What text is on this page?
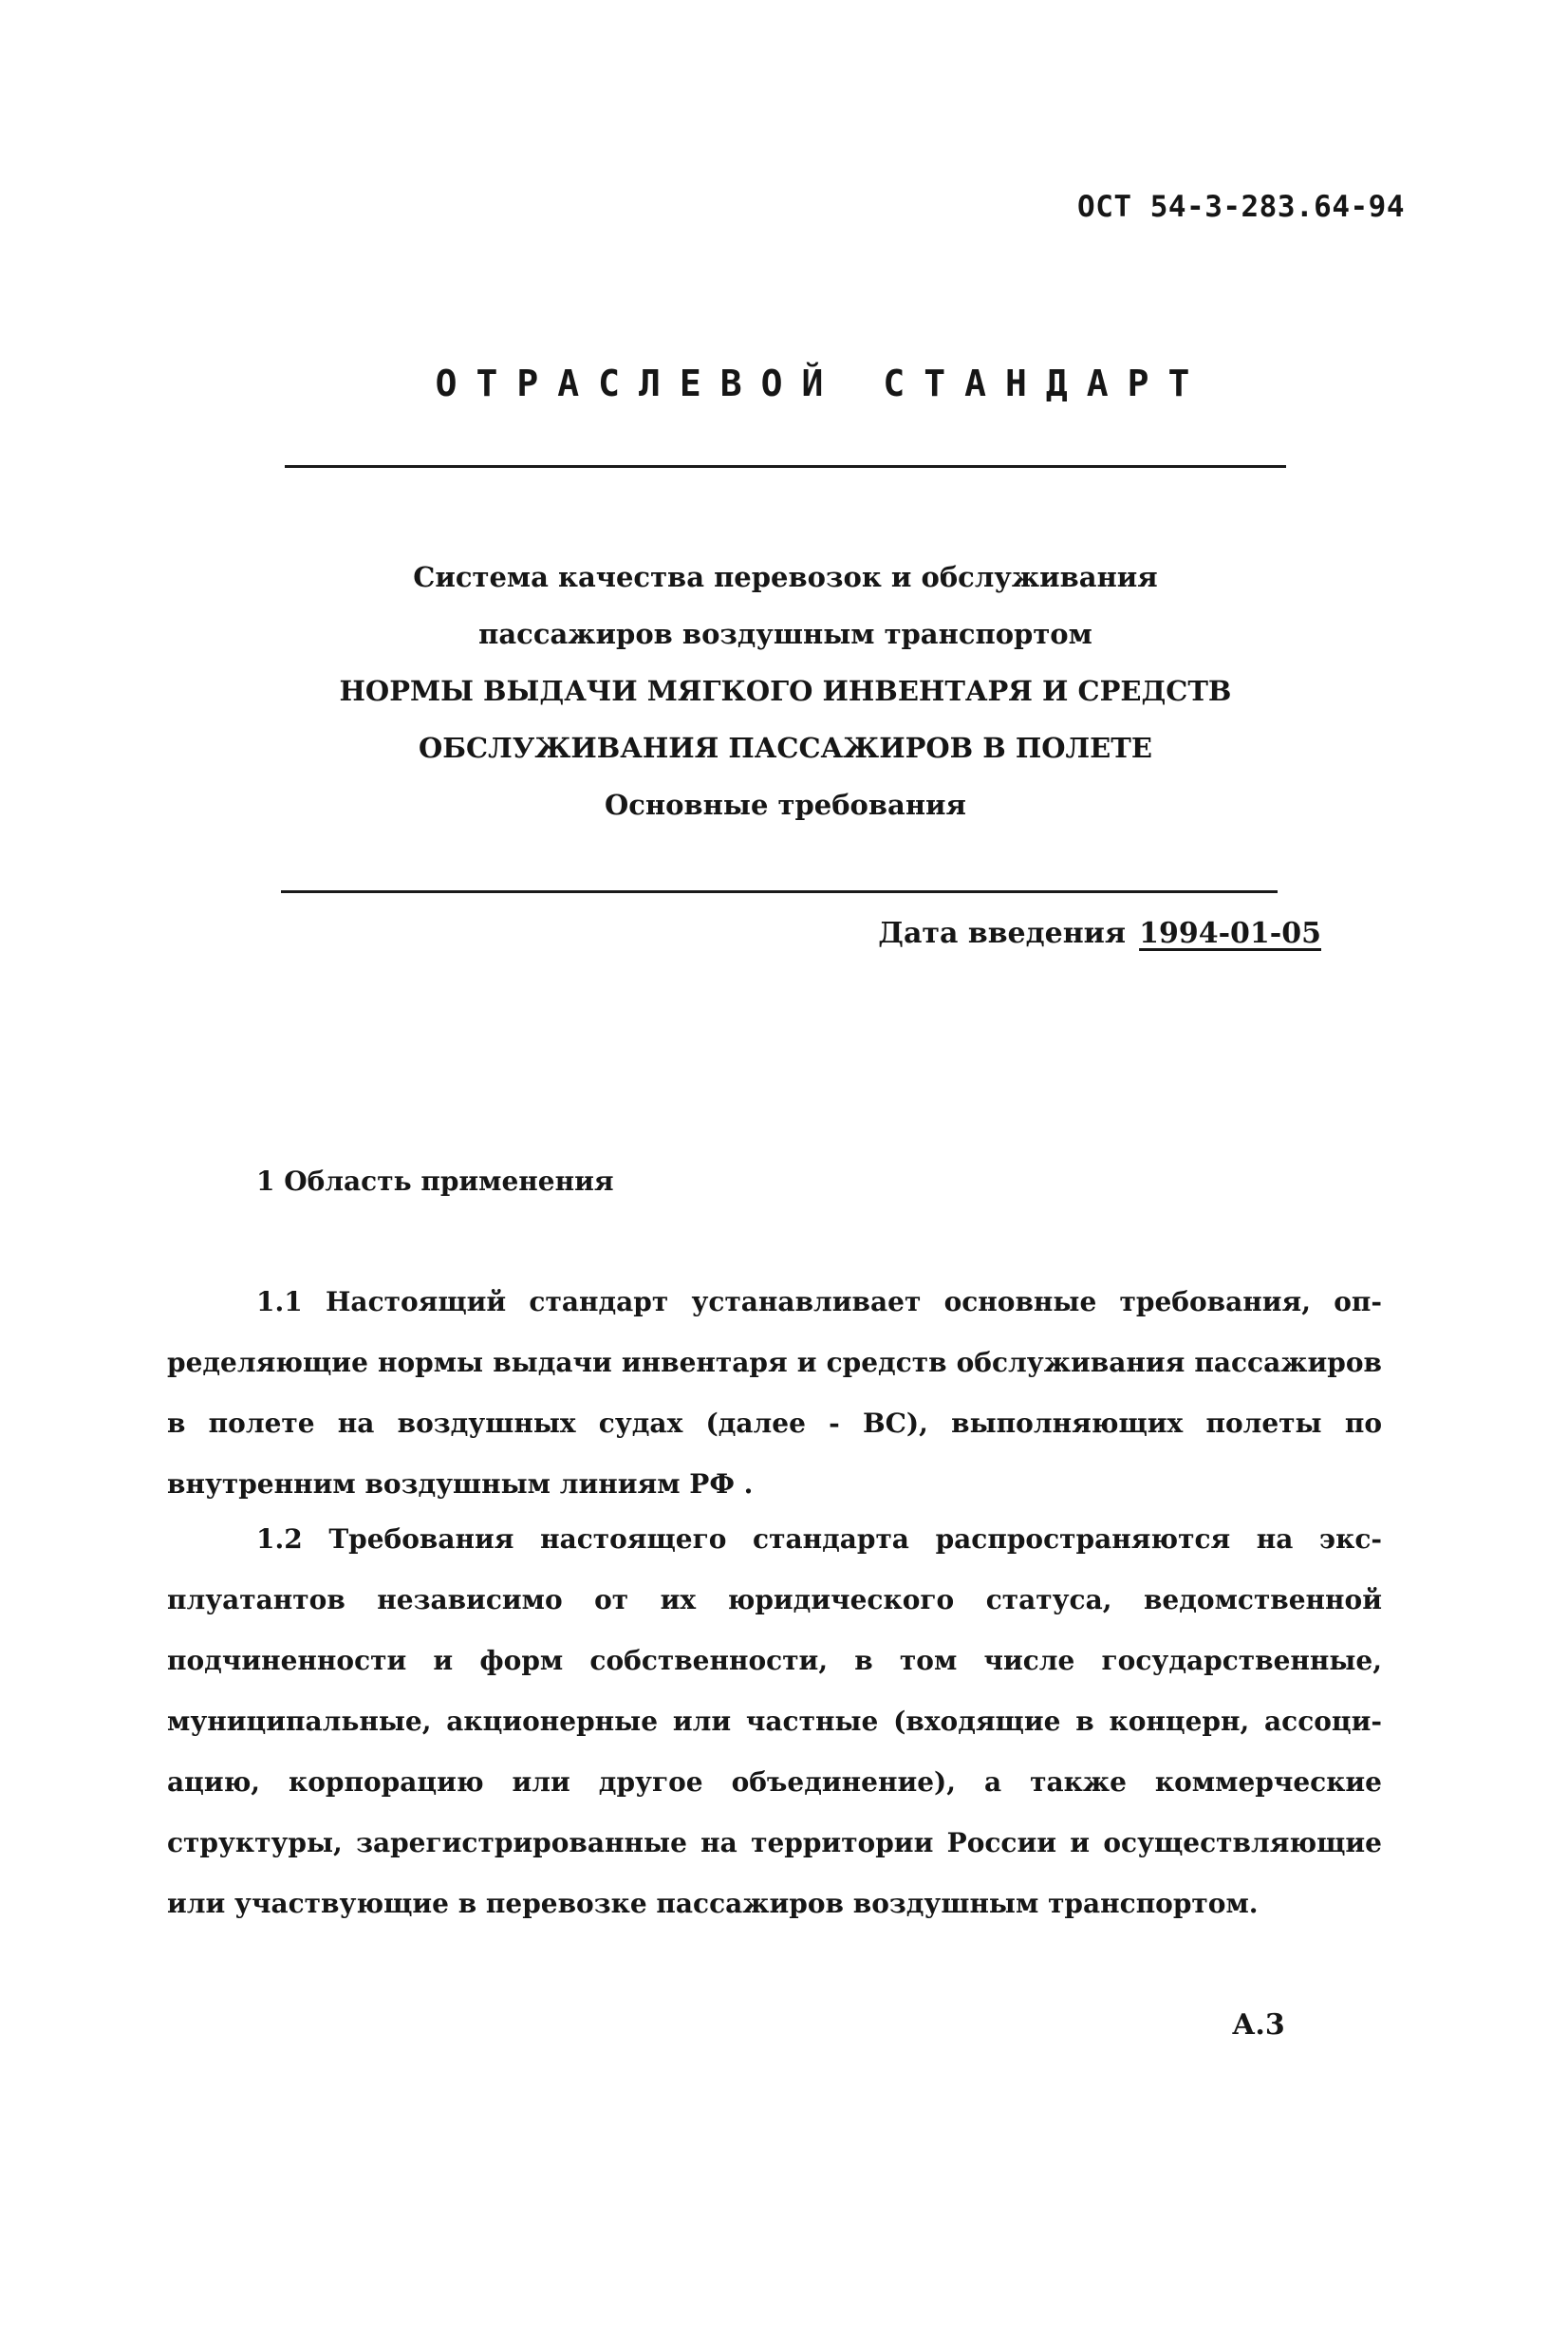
ОСТ 54-3-283.64-94
ОТРАСЛЕВОЙ СТАНДАРТ
Система качества перевозок и обслуживания
пассажиров воздушным транспортом
НОРМЫ ВЫДАЧИ МЯГКОГО ИНВЕНТАРЯ И СРЕДСТВ
ОБСЛУЖИВАНИЯ ПАССАЖИРОВ В ПОЛЕТЕ
Основные требования
Дата введения 1994-01-05
1 Область применения
1.1 Настоящий стандарт устанавливает основные требования, оп-
ределяющие нормы выдачи инвентаря и средств обслуживания пассажиров
в полете на воздушных судах (далее - ВС), выполняющих полеты по
внутренним воздушным линиям РФ .
1.2 Требования настоящего стандарта распространяются на экс-
плуатантов независимо от их юридического статуса, ведомственной
подчиненности и форм собственности, в том числе государственные,
муниципальные, акционерные или частные (входящие в концерн, ассоци-
ацию, корпорацию или другое объединение), а также коммерческие
структуры, зарегистрированные на территории России и осуществляющие
или участвующие в перевозке пассажиров воздушным транспортом.
А.3
